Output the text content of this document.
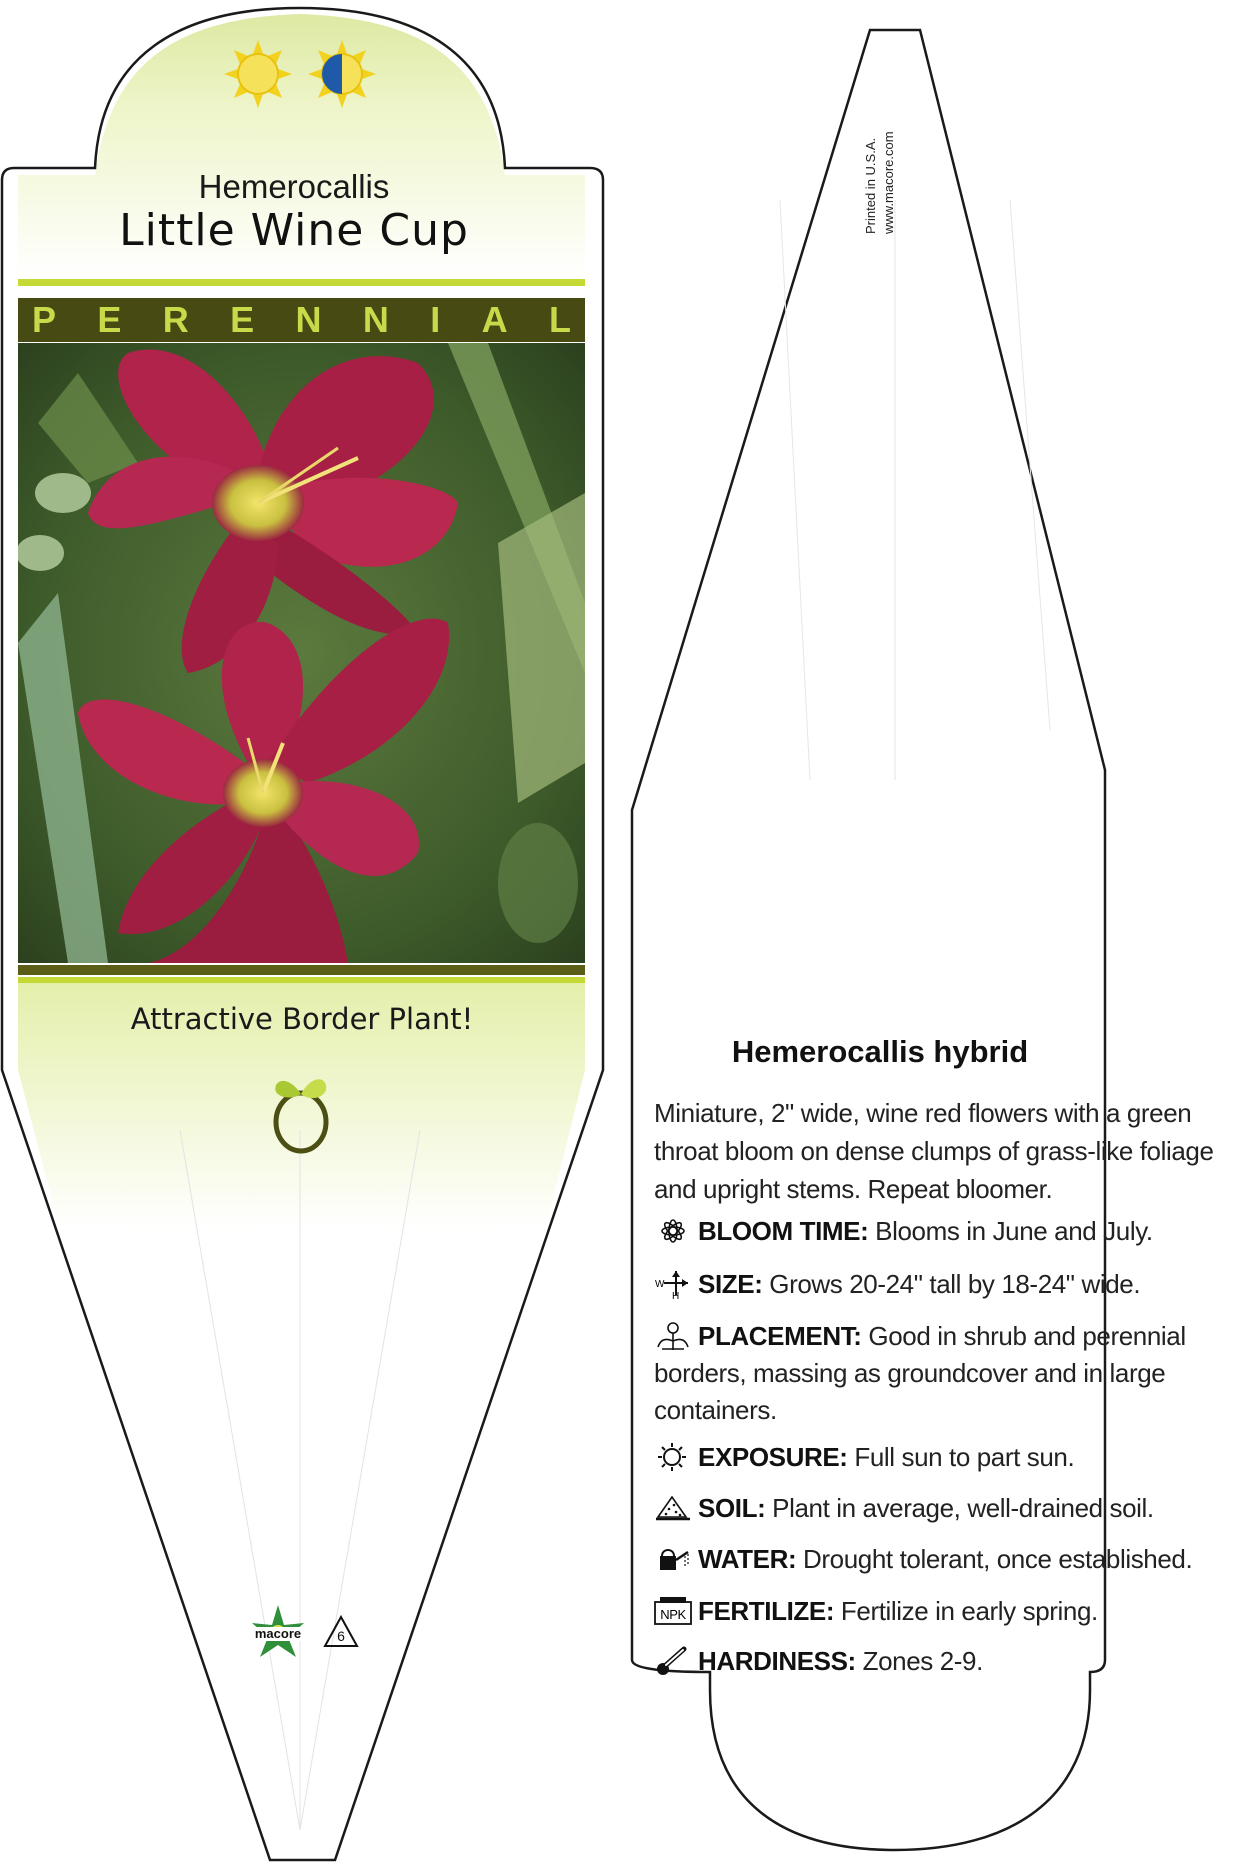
Hemerocallis
Little Wine Cup
P E R E N N I A L
Attractive Border Plant!
macore	6
Printed in U.S.A. www.macore.com
Hemerocallis hybrid
Miniature, 2" wide, wine red flowers with a green throat bloom on dense clumps of grass-like foliage and upright stems. Repeat bloomer.
BLOOM TIME: Blooms in June and July.
W
H SIZE: Grows 20-24" tall by 18-24" wide.
PLACEMENT: Good in shrub and perennial borders, massing as groundcover and in large containers.
EXPOSURE: Full sun to part sun.
SOIL: Plant in average, well-drained soil.
WATER: Drought tolerant, once established.
NPK FERTILIZE: Fertilize in early spring.
HARDINESS: Zones 2-9.
